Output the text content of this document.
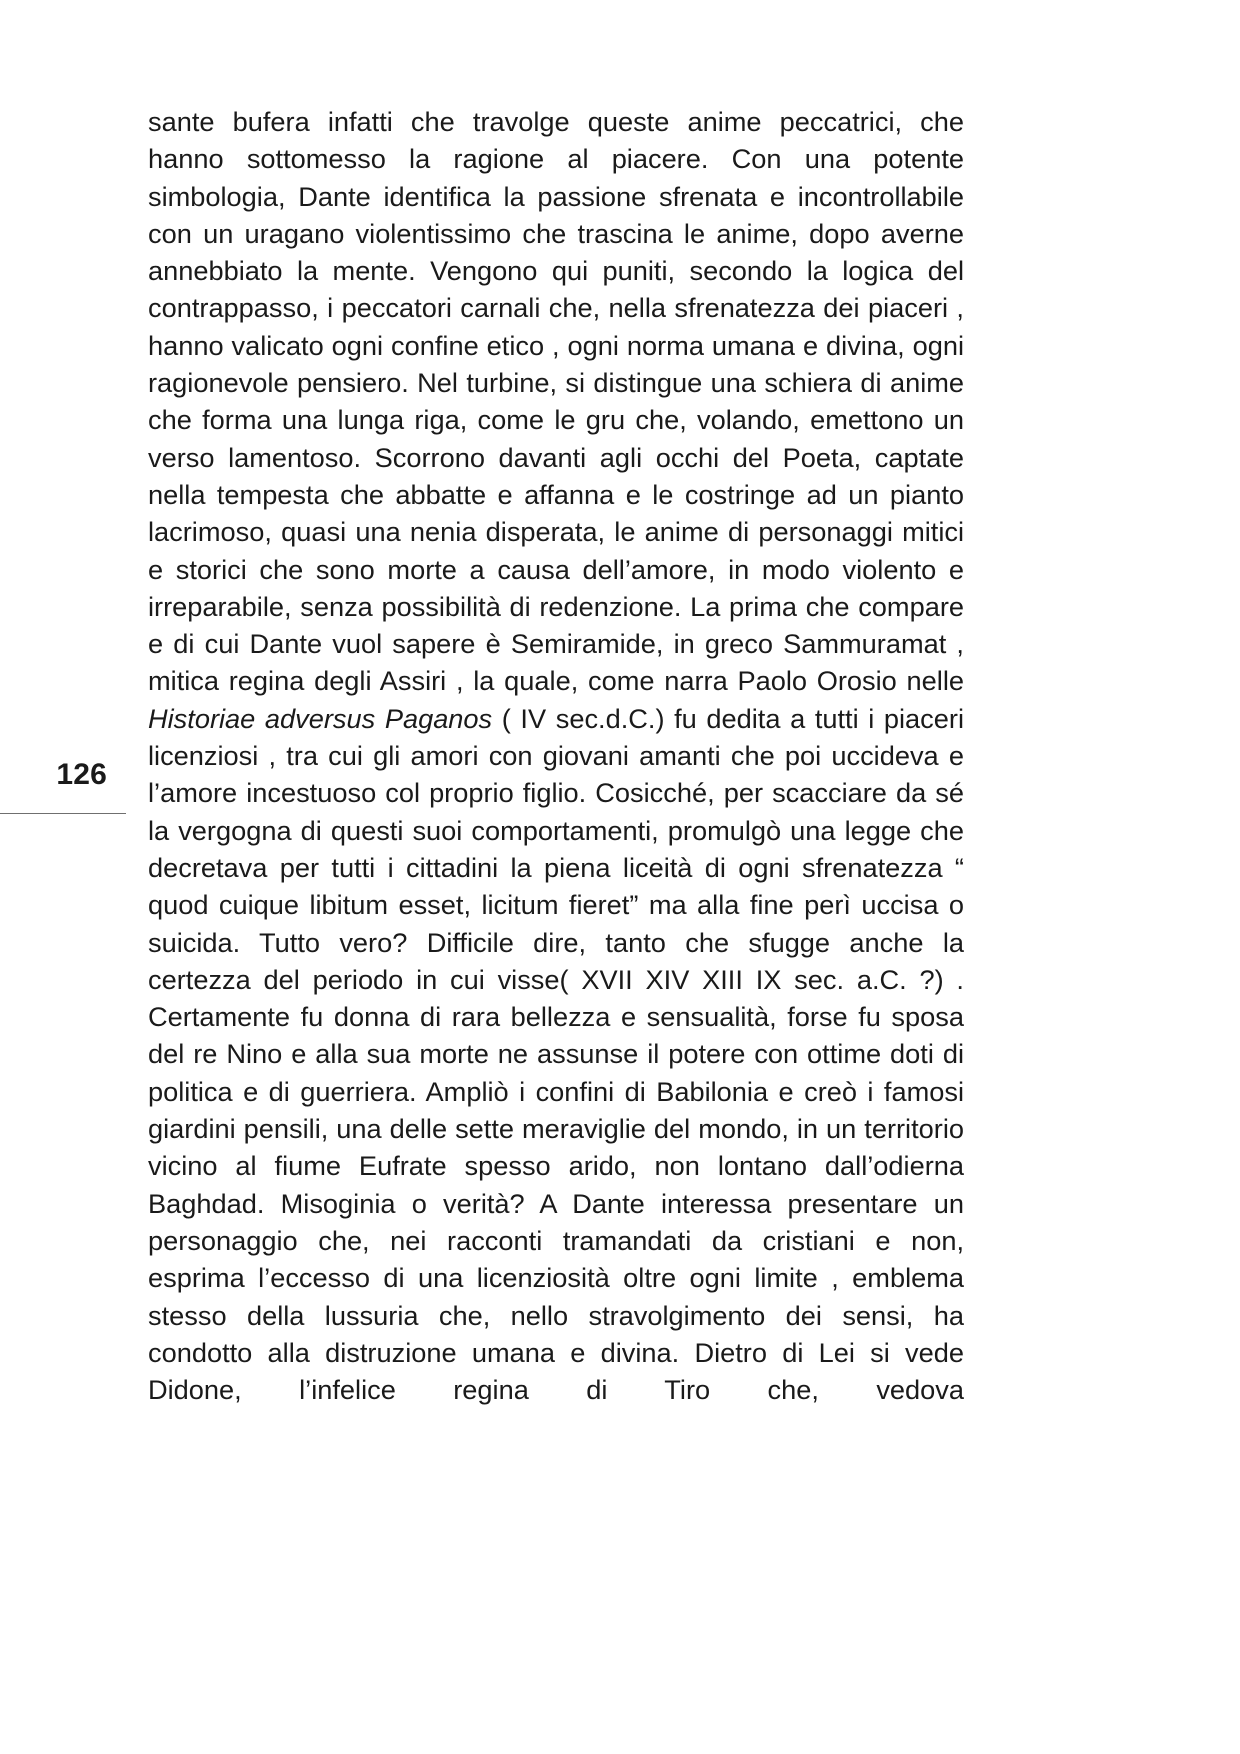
126

sante bufera infatti che travolge queste anime peccatrici, che hanno sottomesso la ragione al piacere. Con una potente simbologia, Dante identifica la passione sfrenata e incontrollabile con un uragano violentissimo che trascina le anime, dopo averne annebbiato la mente. Vengono qui puniti, secondo la logica del contrappasso, i peccatori carnali che, nella sfrenatezza dei piaceri , hanno valicato ogni confine etico , ogni norma umana e divina, ogni ragionevole pensiero. Nel turbine, si distingue una schiera di anime che forma una lunga riga, come le gru che, volando, emettono un verso lamentoso. Scorrono davanti agli occhi del Poeta, captate nella tempesta che abbatte e affanna e le costringe ad un pianto lacrimoso, quasi una nenia disperata, le anime di personaggi mitici e storici che sono morte a causa dell’amore, in modo violento e irreparabile, senza possibilità di redenzione. La prima che compare e di cui Dante vuol sapere è Semiramide, in greco Sammuramat , mitica regina degli Assiri , la quale, come narra Paolo Orosio nelle Historiae adversus Paganos ( IV sec.d.C.) fu dedita a tutti i piaceri licenziosi , tra cui gli amori con giovani amanti che poi uccideva e l’amore incestuoso col proprio figlio. Cosicché, per scacciare da sé la vergogna di questi suoi comportamenti, promulgò una legge che decretava per tutti i cittadini la piena liceità di ogni sfrenatezza “ quod cuique libitum esset, licitum fieret” ma alla fine perì uccisa o suicida. Tutto vero? Difficile dire, tanto che sfugge anche la certezza del periodo in cui visse( XVII XIV XIII IX sec. a.C. ?) . Certamente fu donna di rara bellezza e sensualità, forse fu sposa del re Nino e alla sua morte ne assunse il potere con ottime doti di politica e di guerriera. Ampliò i confini di Babilonia e creò i famosi giardini pensili, una delle sette meraviglie del mondo, in un territorio vicino al fiume Eufrate spesso arido, non lontano dall’odierna Baghdad. Misoginia o verità? A Dante interessa presentare un personaggio che, nei racconti tramandati da cristiani e non, esprima l’eccesso di una licenziosità oltre ogni limite , emblema stesso della lussuria che, nello stravolgimento dei sensi, ha condotto alla distruzione umana e divina. Dietro di Lei si vede Didone, l’infelice regina di Tiro che, vedova
